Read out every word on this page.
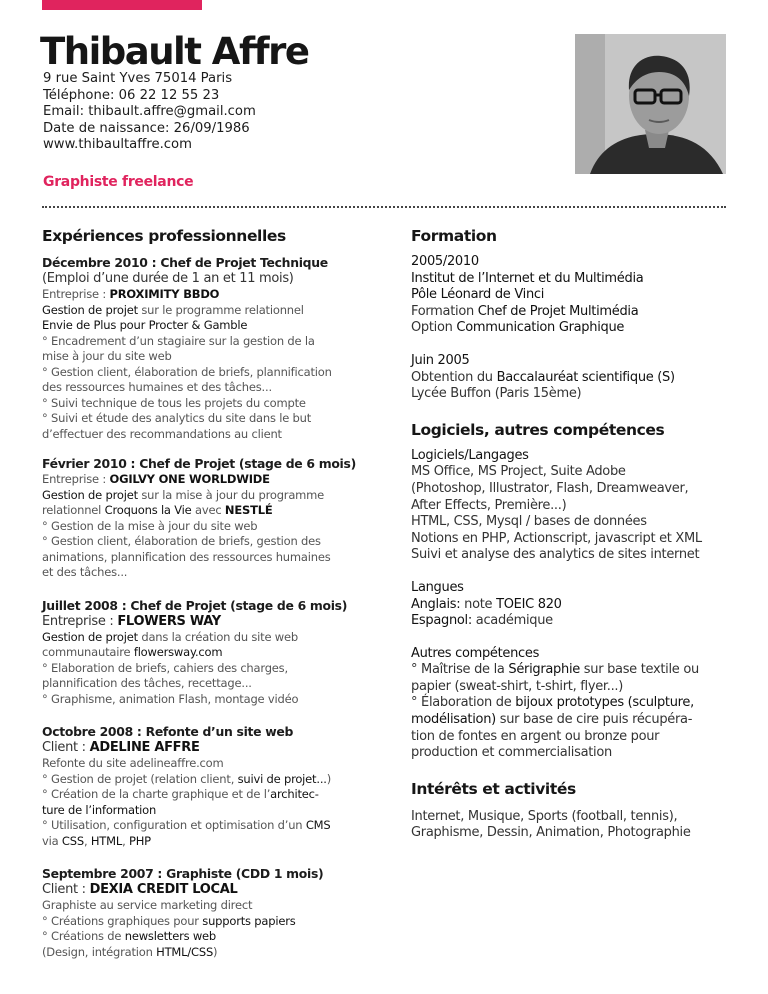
Thibault Affre
9 rue Saint Yves 75014 Paris
Téléphone: 06 22 12 55 23
Email: thibault.affre@gmail.com
Date de naissance: 26/09/1986
www.thibaultaffre.com
Graphiste freelance
Expériences professionnelles
Décembre 2010 : Chef de Projet Technique
(Emploi d’une durée de 1 an et 11 mois)
Entreprise : PROXIMITY BBDO
Gestion de projet sur le programme relationnel
Envie de Plus pour Procter & Gamble
° Encadrement d’un stagiaire sur la gestion de la
mise à jour du site web
° Gestion client, élaboration de briefs, plannification
des ressources humaines et des tâches...
° Suivi technique de tous les projets du compte
° Suivi et étude des analytics du site dans le but
d’effectuer des recommandations au client
Février 2010 : Chef de Projet (stage de 6 mois)
Entreprise : OGILVY ONE WORLDWIDE
Gestion de projet sur la mise à jour du programme
relationnel Croquons la Vie avec NESTLÉ
° Gestion de la mise à jour du site web
° Gestion client, élaboration de briefs, gestion des
animations, plannification des ressources humaines
et des tâches...
Juillet 2008 : Chef de Projet (stage de 6 mois)
Entreprise : FLOWERS WAY
Gestion de projet dans la création du site web
communautaire flowersway.com
° Elaboration de briefs, cahiers des charges,
plannification des tâches, recettage...
° Graphisme, animation Flash, montage vidéo
Octobre 2008 : Refonte d’un site web
Client : ADELINE AFFRE
Refonte du site adelineaffre.com
° Gestion de projet (relation client, suivi de projet...)
° Création de la charte graphique et de l’architec-
ture de l’information
° Utilisation, configuration et optimisation d’un CMS
via CSS, HTML, PHP
Septembre 2007 : Graphiste (CDD 1 mois)
Client : DEXIA CREDIT LOCAL
Graphiste au service marketing direct
° Créations graphiques pour supports papiers
° Créations de newsletters web
(Design, intégration HTML/CSS)
Formation
2005/2010
Institut de l’Internet et du Multimédia
Pôle Léonard de Vinci
Formation Chef de Projet Multimédia
Option Communication Graphique
Juin 2005
Obtention du Baccalauréat scientifique (S)
Lycée Buffon (Paris 15ème)
Logiciels, autres compétences
Logiciels/Langages
MS Office, MS Project, Suite Adobe
(Photoshop, Illustrator, Flash, Dreamweaver,
After Effects, Première...)
HTML, CSS, Mysql / bases de données
Notions en PHP, Actionscript, javascript et XML
Suivi et analyse des analytics de sites internet
Langues
Anglais: note TOEIC 820
Espagnol: académique
Autres compétences
° Maîtrise de la Sérigraphie sur base textile ou
papier (sweat-shirt, t-shirt, flyer...)
° Élaboration de bijoux prototypes (sculpture,
modélisation) sur base de cire puis récupéra-
tion de fontes en argent ou bronze pour
production et commercialisation
Intérêts et activités
Internet, Musique, Sports (football, tennis),
Graphisme, Dessin, Animation, Photographie
